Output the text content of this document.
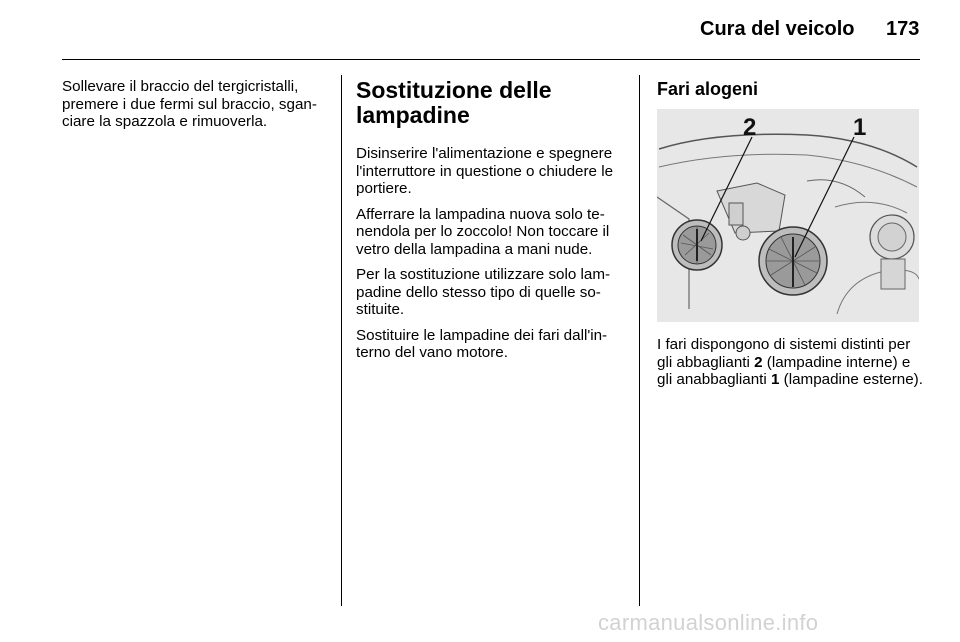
Cura del veicolo 173

Sollevare il braccio del tergicristalli, premere i due fermi sul braccio, sganciare la spazzola e rimuoverla.

Sostituzione delle lampadine

Disinserire l'alimentazione e spegnere l'interruttore in questione o chiudere le portiere.

Afferrare la lampadina nuova solo tenendola per lo zoccolo! Non toccare il vetro della lampadina a mani nude.

Per la sostituzione utilizzare solo lampadine dello stesso tipo di quelle sostituite.

Sostituire le lampadine dei fari dall'interno del vano motore.

Fari alogeni
2	1

I fari dispongono di sistemi distinti per gli abbaglianti 2 (lampadine interne) e gli anabbaglianti 1 (lampadine esterne).

carmanualsonline.info
